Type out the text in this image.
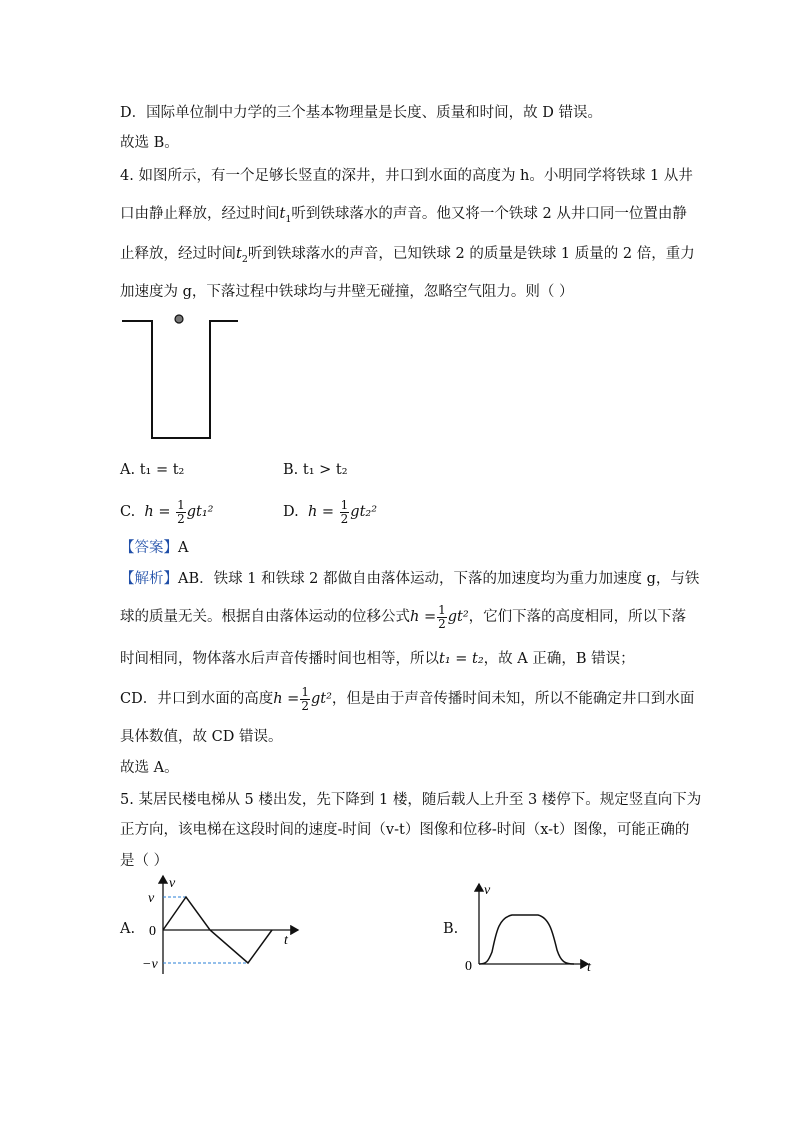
D．国际单位制中力学的三个基本物理量是长度、质量和时间，故 D 错误。
故选 B。
4. 如图所示，有一个足够长竖直的深井，井口到水面的高度为 h。小明同学将铁球 1 从井
口由静止释放，经过时间$t_1$听到铁球落水的声音。他又将一个铁球 2 从井口同一位置由静
止释放，经过时间$t_2$听到铁球落水的声音，已知铁球 2 的质量是铁球 1 质量的 2 倍，重力
加速度为 g，下落过程中铁球均与井壁无碰撞，忽略空气阻力。则（ ）
A. t₁ = t₂	B. t₁ > t₂
C. $h = \frac{1}{2} gt_1^2$	D. $h = \frac{1}{2} gt_2^2$
【答案】A
【解析】AB．铁球 1 和铁球 2 都做自由落体运动，下落的加速度均为重力加速度 g，与铁
球的质量无关。根据自由落体运动的位移公式$h = \frac{1}{2} gt^2$，它们下落的高度相同，所以下落
时间相同，物体落水后声音传播时间也相等，所以t₁ = t₂，故 A 正确，B 错误；
CD．井口到水面的高度$h = \frac{1}{2} gt^2$，但是由于声音传播时间未知，所以不能确定井口到水面
具体数值，故 CD 错误。
故选 A。
5. 某居民楼电梯从 5 楼出发，先下降到 1 楼，随后载人上升至 3 楼停下。规定竖直向下为
正方向，该电梯在这段时间的速度-时间（v-t）图像和位移-时间（x-t）图像，可能正确的
是（ ）
A.
v
v
0
−v
t
B.
v
0	t
